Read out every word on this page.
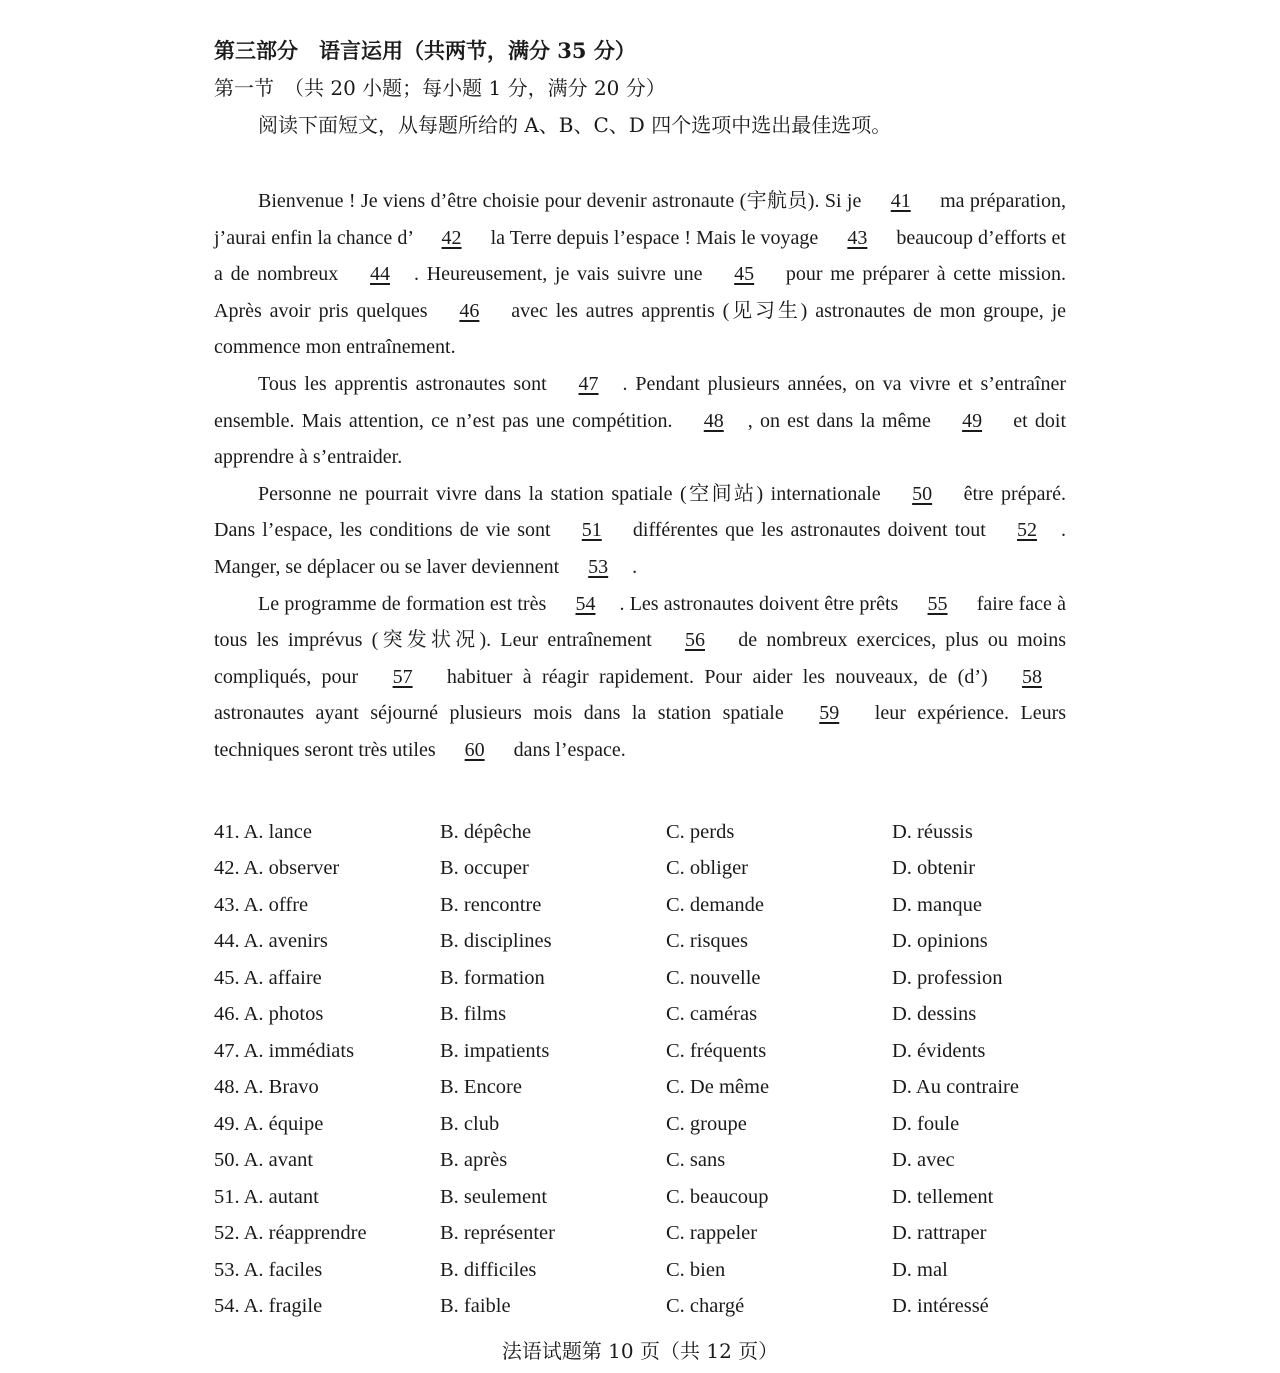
第三部分　语言运用（共两节，满分 35 分）
第一节　（共 20 小题；每小题 1 分，满分 20 分）
阅读下面短文，从每题所给的 A、B、C、D 四个选项中选出最佳选项。

Bienvenue ! Je viens d’être choisie pour devenir astronaute (宇航员). Si je 41 ma préparation, j’aurai enfin la chance d’ 42 la Terre depuis l’espace ! Mais le voyage 43 beaucoup d’efforts et a de nombreux 44 . Heureusement, je vais suivre une 45 pour me préparer à cette mission. Après avoir pris quelques 46 avec les autres apprentis (见习生) astronautes de mon groupe, je commence mon entraînement.

Tous les apprentis astronautes sont 47 . Pendant plusieurs années, on va vivre et s’entraîner ensemble. Mais attention, ce n’est pas une compétition. 48 , on est dans la même 49 et doit apprendre à s’entraider.

Personne ne pourrait vivre dans la station spatiale (空间站) internationale 50 être préparé. Dans l’espace, les conditions de vie sont 51 différentes que les astronautes doivent tout 52 . Manger, se déplacer ou se laver deviennent 53 .

Le programme de formation est très 54 . Les astronautes doivent être prêts 55 faire face à tous les imprévus (突发状况). Leur entraînement 56 de nombreux exercices, plus ou moins compliqués, pour 57 habituer à réagir rapidement. Pour aider les nouveaux, de (d’) 58 astronautes ayant séjourné plusieurs mois dans la station spatiale 59 leur expérience. Leurs techniques seront très utiles 60 dans l’espace.

41. A. lance	B. dépêche	C. perds	D. réussis
42. A. observer	B. occuper	C. obliger	D. obtenir
43. A. offre	B. rencontre	C. demande	D. manque
44. A. avenirs	B. disciplines	C. risques	D. opinions
45. A. affaire	B. formation	C. nouvelle	D. profession
46. A. photos	B. films	C. caméras	D. dessins
47. A. immédiats	B. impatients	C. fréquents	D. évidents
48. A. Bravo	B. Encore	C. De même	D. Au contraire
49. A. équipe	B. club	C. groupe	D. foule
50. A. avant	B. après	C. sans	D. avec
51. A. autant	B. seulement	C. beaucoup	D. tellement
52. A. réapprendre	B. représenter	C. rappeler	D. rattraper
53. A. faciles	B. difficiles	C. bien	D. mal
54. A. fragile	B. faible	C. chargé	D. intéressé
法语试题第 10 页（共 12 页）
